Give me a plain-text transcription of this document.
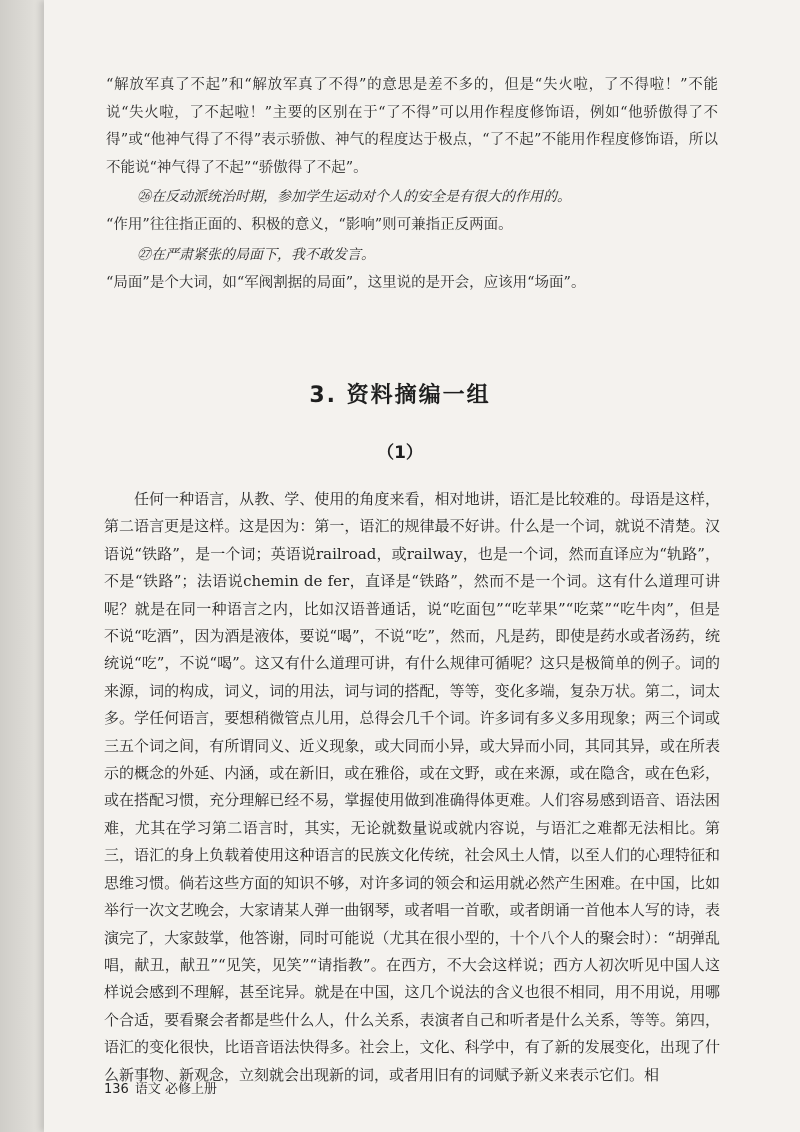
“解放军真了不起”和“解放军真了不得”的意思是差不多的，但是“失火啦，了不得啦！”不能说“失火啦，了不起啦！”主要的区别在于“了不得”可以用作程度修饰语，例如“他骄傲得了不得”或“他神气得了不得”表示骄傲、神气的程度达于极点，“了不起”不能用作程度修饰语，所以不能说“神气得了不起”“骄傲得了不起”。

㉖在反动派统治时期，参加学生运动对个人的安全是有很大的作用的。

“作用”往往指正面的、积极的意义，“影响”则可兼指正反两面。

㉗在严肃紧张的局面下，我不敢发言。

“局面”是个大词，如“军阀割据的局面”，这里说的是开会，应该用“场面”。

3. 资料摘编一组
（1）

任何一种语言，从教、学、使用的角度来看，相对地讲，语汇是比较难的。母语是这样，第二语言更是这样。这是因为：第一，语汇的规律最不好讲。什么是一个词，就说不清楚。汉语说“铁路”，是一个词；英语说railroad，或railway，也是一个词，然而直译应为“轨路”，不是“铁路”；法语说chemin de fer，直译是“铁路”，然而不是一个词。这有什么道理可讲呢？就是在同一种语言之内，比如汉语普通话，说“吃面包”“吃苹果”“吃菜”“吃牛肉”，但是不说“吃酒”，因为酒是液体，要说“喝”，不说“吃”，然而，凡是药，即使是药水或者汤药，统统说“吃”，不说“喝”。这又有什么道理可讲，有什么规律可循呢？这只是极简单的例子。词的来源，词的构成，词义，词的用法，词与词的搭配，等等，变化多端，复杂万状。第二，词太多。学任何语言，要想稍微管点儿用，总得会几千个词。许多词有多义多用现象；两三个词或三五个词之间，有所谓同义、近义现象，或大同而小异，或大异而小同，其同其异，或在所表示的概念的外延、内涵，或在新旧，或在雅俗，或在文野，或在来源，或在隐含，或在色彩，或在搭配习惯，充分理解已经不易，掌握使用做到准确得体更难。人们容易感到语音、语法困难，尤其在学习第二语言时，其实，无论就数量说或就内容说，与语汇之难都无法相比。第三，语汇的身上负载着使用这种语言的民族文化传统，社会风土人情，以至人们的心理特征和思维习惯。倘若这些方面的知识不够，对许多词的领会和运用就必然产生困难。在中国，比如举行一次文艺晚会，大家请某人弹一曲钢琴，或者唱一首歌，或者朗诵一首他本人写的诗，表演完了，大家鼓掌，他答谢，同时可能说（尤其在很小型的，十个八个人的聚会时）：“胡弹乱唱，献丑，献丑”“见笑，见笑”“请指教”。在西方，不大会这样说；西方人初次听见中国人这样说会感到不理解，甚至诧异。就是在中国，这几个说法的含义也很不相同，用不用说，用哪个合适，要看聚会者都是些什么人，什么关系，表演者自己和听者是什么关系，等等。第四，语汇的变化很快，比语音语法快得多。社会上，文化、科学中，有了新的发展变化，出现了什么新事物、新观念，立刻就会出现新的词，或者用旧有的词赋予新义来表示它们。相

136 语文 必修上册
